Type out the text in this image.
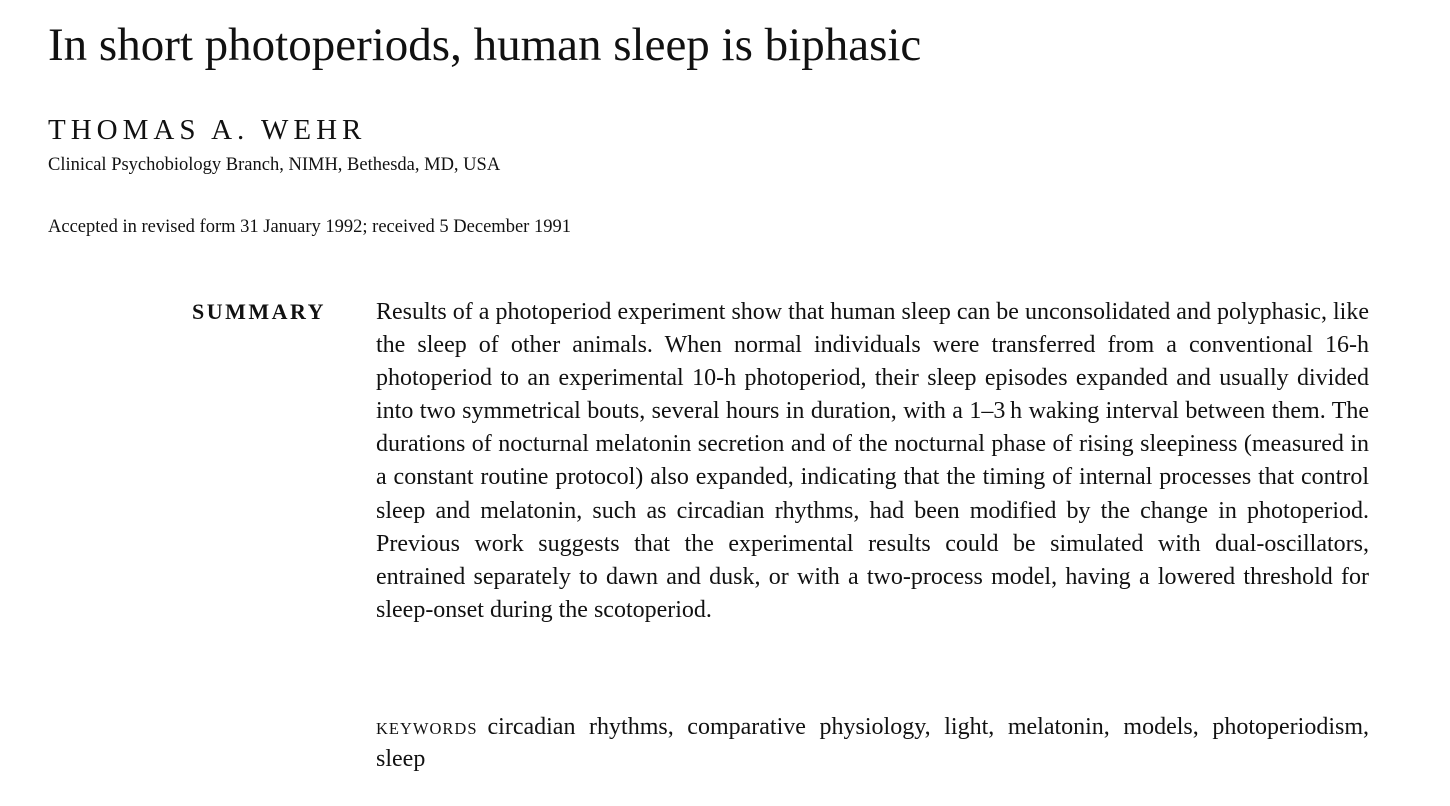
In short photoperiods, human sleep is biphasic
THOMAS A. WEHR
Clinical Psychobiology Branch, NIMH, Bethesda, MD, USA
Accepted in revised form 31 January 1992; received 5 December 1991
SUMMARY Results of a photoperiod experiment show that human sleep can be unconsolidated and polyphasic, like the sleep of other animals. When normal individuals were transferred from a conventional 16-h photoperiod to an experimental 10-h photoperiod, their sleep episodes expanded and usually divided into two symmetrical bouts, several hours in duration, with a 1–3 h waking interval between them. The durations of nocturnal melatonin secretion and of the nocturnal phase of rising sleepiness (measured in a constant routine protocol) also expanded, indicating that the timing of internal processes that control sleep and melatonin, such as circadian rhythms, had been modified by the change in photoperiod. Previous work suggests that the experimental results could be simulated with dual-oscillators, entrained separately to dawn and dusk, or with a two-process model, having a lowered threshold for sleep-onset during the scotoperiod.

KEYWORDS circadian rhythms, comparative physiology, light, melatonin, models, photoperiodism, sleep
